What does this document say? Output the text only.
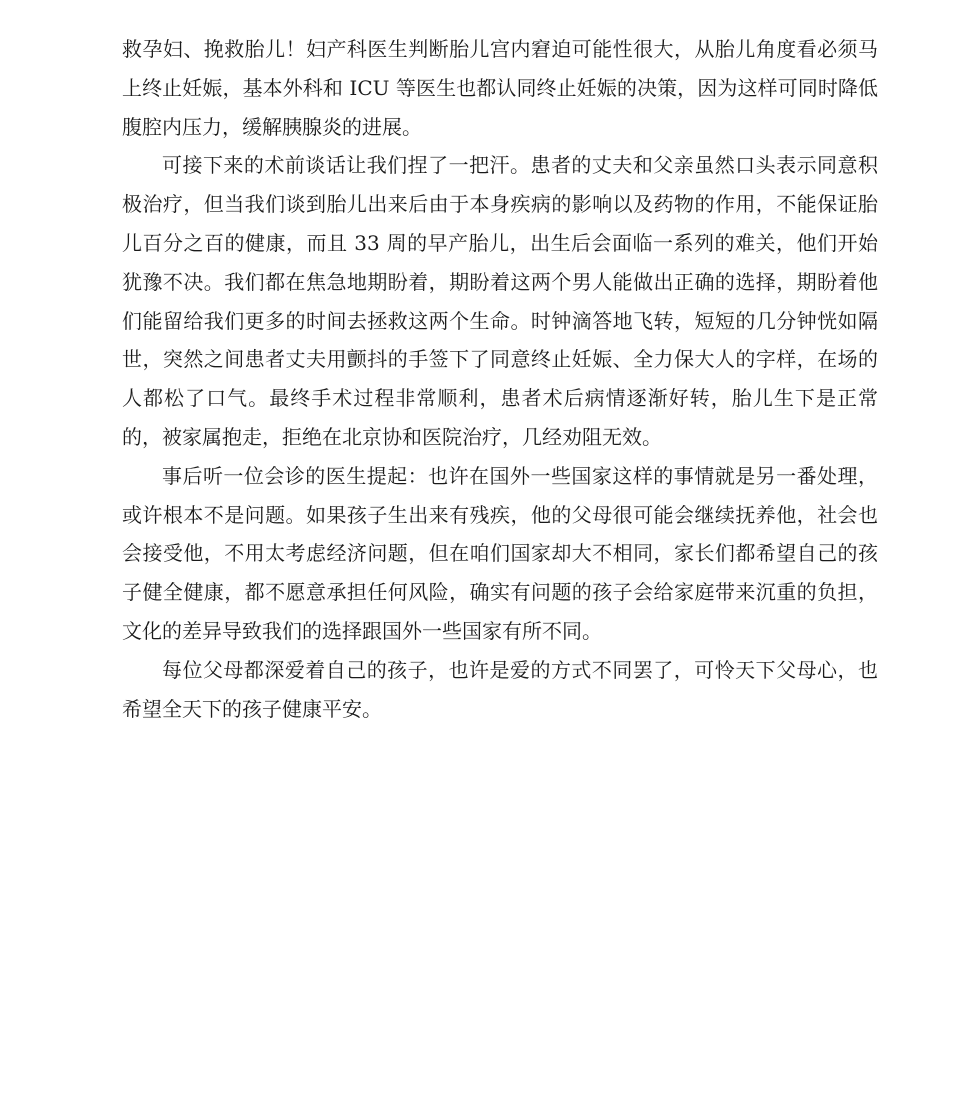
救孕妇、挽救胎儿！妇产科医生判断胎儿宫内窘迫可能性很大，从胎儿角度看必须马上终止妊娠，基本外科和 ICU 等医生也都认同终止妊娠的决策，因为这样可同时降低腹腔内压力，缓解胰腺炎的进展。

可接下来的术前谈话让我们捏了一把汗。患者的丈夫和父亲虽然口头表示同意积极治疗，但当我们谈到胎儿出来后由于本身疾病的影响以及药物的作用，不能保证胎儿百分之百的健康，而且 33 周的早产胎儿，出生后会面临一系列的难关，他们开始犹豫不决。我们都在焦急地期盼着，期盼着这两个男人能做出正确的选择，期盼着他们能留给我们更多的时间去拯救这两个生命。时钟滴答地飞转，短短的几分钟恍如隔世，突然之间患者丈夫用颤抖的手签下了同意终止妊娠、全力保大人的字样，在场的人都松了口气。最终手术过程非常顺利，患者术后病情逐渐好转，胎儿生下是正常的，被家属抱走，拒绝在北京协和医院治疗，几经劝阻无效。

事后听一位会诊的医生提起：也许在国外一些国家这样的事情就是另一番处理，或许根本不是问题。如果孩子生出来有残疾，他的父母很可能会继续抚养他，社会也会接受他，不用太考虑经济问题，但在咱们国家却大不相同，家长们都希望自己的孩子健全健康，都不愿意承担任何风险，确实有问题的孩子会给家庭带来沉重的负担，文化的差异导致我们的选择跟国外一些国家有所不同。

每位父母都深爱着自己的孩子，也许是爱的方式不同罢了，可怜天下父母心，也希望全天下的孩子健康平安。
